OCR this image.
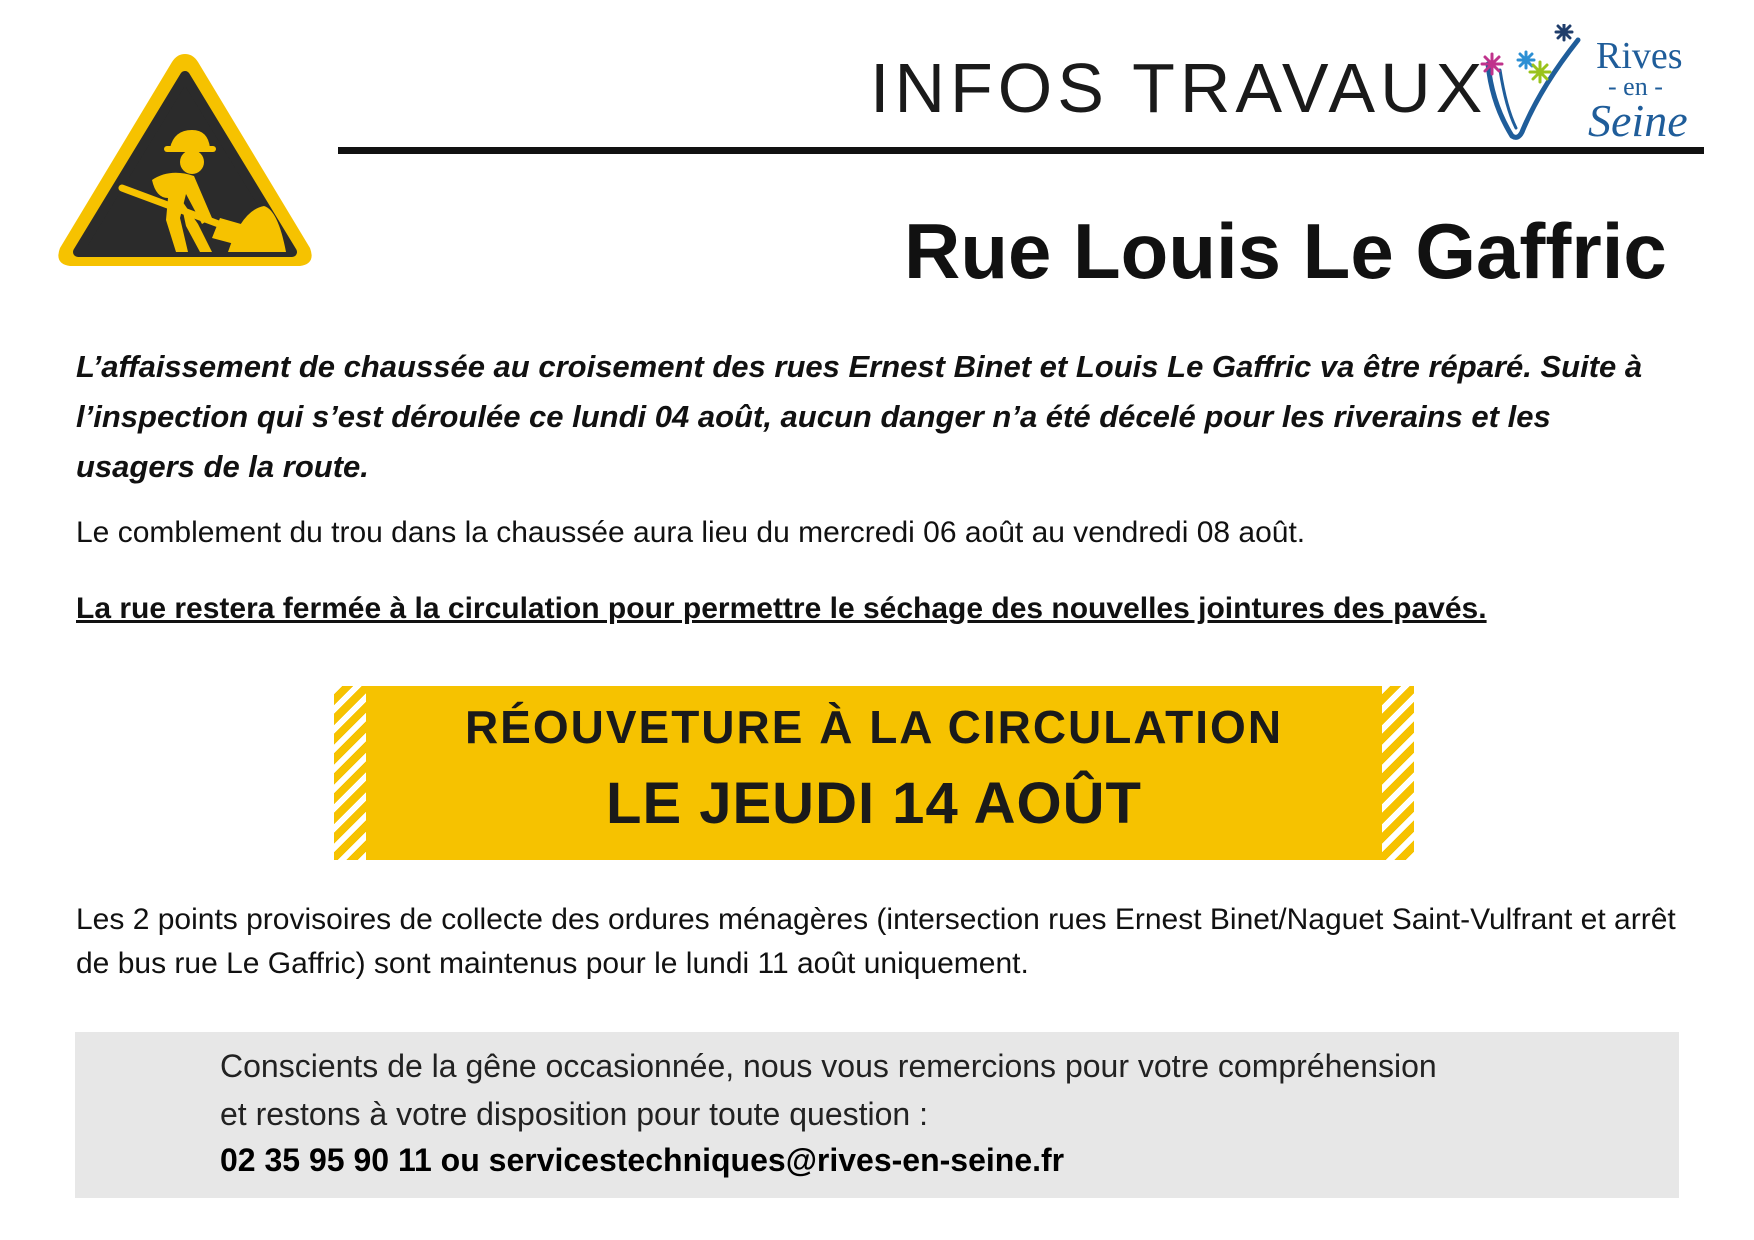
INFOS TRAVAUX	Rives
- en -
Seine
Rue Louis Le Gaffric

L’affaissement de chaussée au croisement des rues Ernest Binet et Louis Le Gaffric va être réparé. Suite à l’inspection qui s’est déroulée ce lundi 04 août, aucun danger n’a été décelé pour les riverains et les usagers de la route.

Le comblement du trou dans la chaussée aura lieu du mercredi 06 août au vendredi 08 août.

La rue restera fermée à la circulation pour permettre le séchage des nouvelles jointures des pavés.

RÉOUVETURE À LA CIRCULATION
LE JEUDI 14 AOÛT

Les 2 points provisoires de collecte des ordures ménagères (intersection rues Ernest Binet/Naguet Saint-Vulfrant et arrêt de bus rue Le Gaffric) sont maintenus pour le lundi 11 août uniquement.

Conscients de la gêne occasionnée, nous vous remercions pour votre compréhension
et restons à votre disposition pour toute question :
02 35 95 90 11 ou servicestechniques@rives-en-seine.fr
